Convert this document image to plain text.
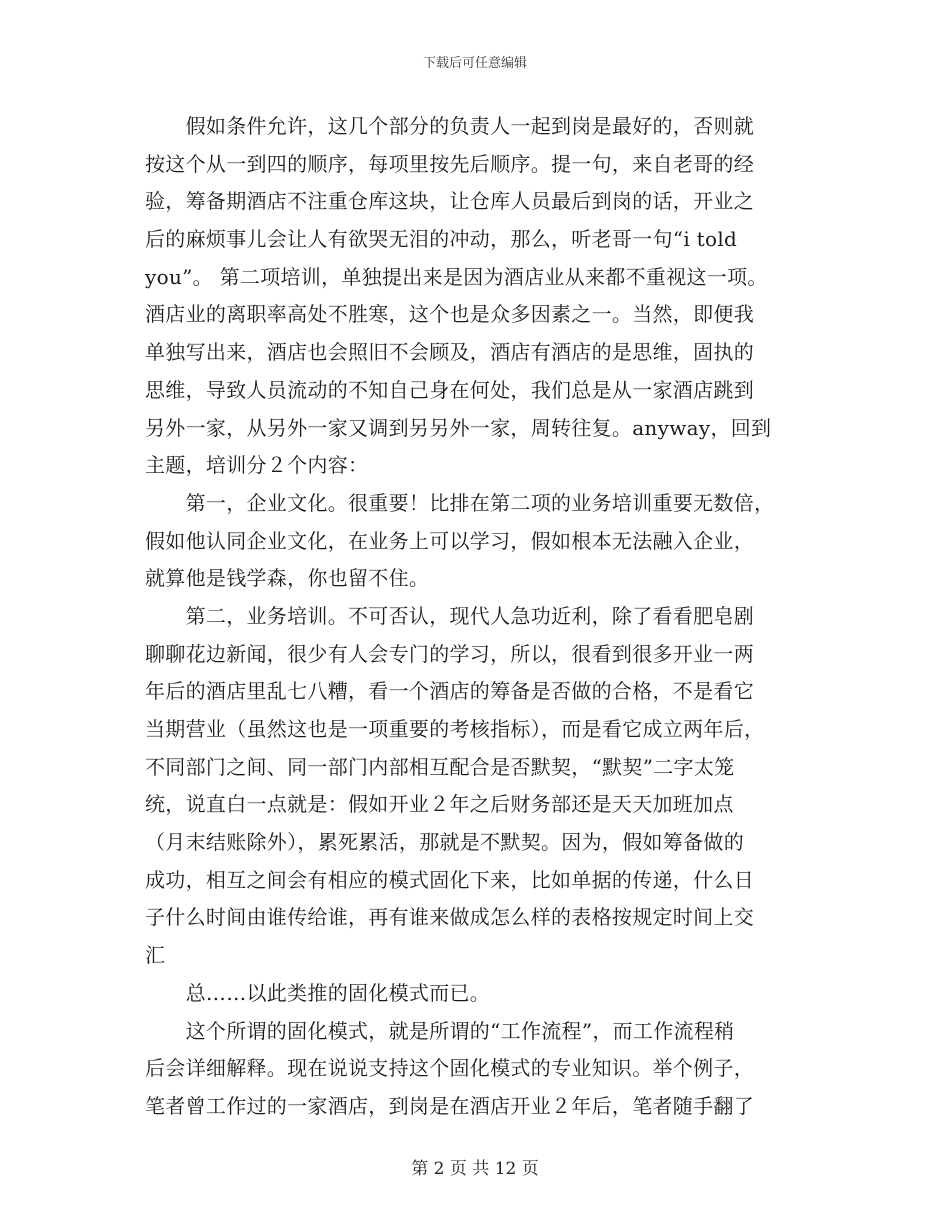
下载后可任意编辑
　　假如条件允许，这几个部分的负责人一起到岗是最好的，否则就
按这个从一到四的顺序，每项里按先后顺序。提一句，来自老哥的经
验，筹备期酒店不注重仓库这块，让仓库人员最后到岗的话，开业之
后的麻烦事儿会让人有欲哭无泪的冲动，那么，听老哥一句“i told
you”。 第二项培训，单独提出来是因为酒店业从来都不重视这一项。
酒店业的离职率高处不胜寒，这个也是众多因素之一。当然，即便我
单独写出来，酒店也会照旧不会顾及，酒店有酒店的是思维，固执的
思维，导致人员流动的不知自己身在何处，我们总是从一家酒店跳到
另外一家，从另外一家又调到另另外一家，周转往复。anyway，回到
主题，培训分２个内容：
　　第一，企业文化。很重要！比排在第二项的业务培训重要无数倍，
假如他认同企业文化，在业务上可以学习，假如根本无法融入企业，
就算他是钱学森，你也留不住。
　　第二，业务培训。不可否认，现代人急功近利，除了看看肥皂剧
聊聊花边新闻，很少有人会专门的学习，所以，很看到很多开业一两
年后的酒店里乱七八糟，看一个酒店的筹备是否做的合格，不是看它
当期营业（虽然这也是一项重要的考核指标），而是看它成立两年后，
不同部门之间、同一部门内部相互配合是否默契，“默契”二字太笼
统，说直白一点就是：假如开业２年之后财务部还是天天加班加点
（月末结账除外），累死累活，那就是不默契。因为，假如筹备做的
成功，相互之间会有相应的模式固化下来，比如单据的传递，什么日
子什么时间由谁传给谁，再有谁来做成怎么样的表格按规定时间上交
汇
　　总……以此类推的固化模式而已。
　　这个所谓的固化模式，就是所谓的“工作流程”，而工作流程稍
后会详细解释。现在说说支持这个固化模式的专业知识。举个例子，
笔者曾工作过的一家酒店，到岗是在酒店开业２年后，笔者随手翻了
第 2 页 共 12 页
